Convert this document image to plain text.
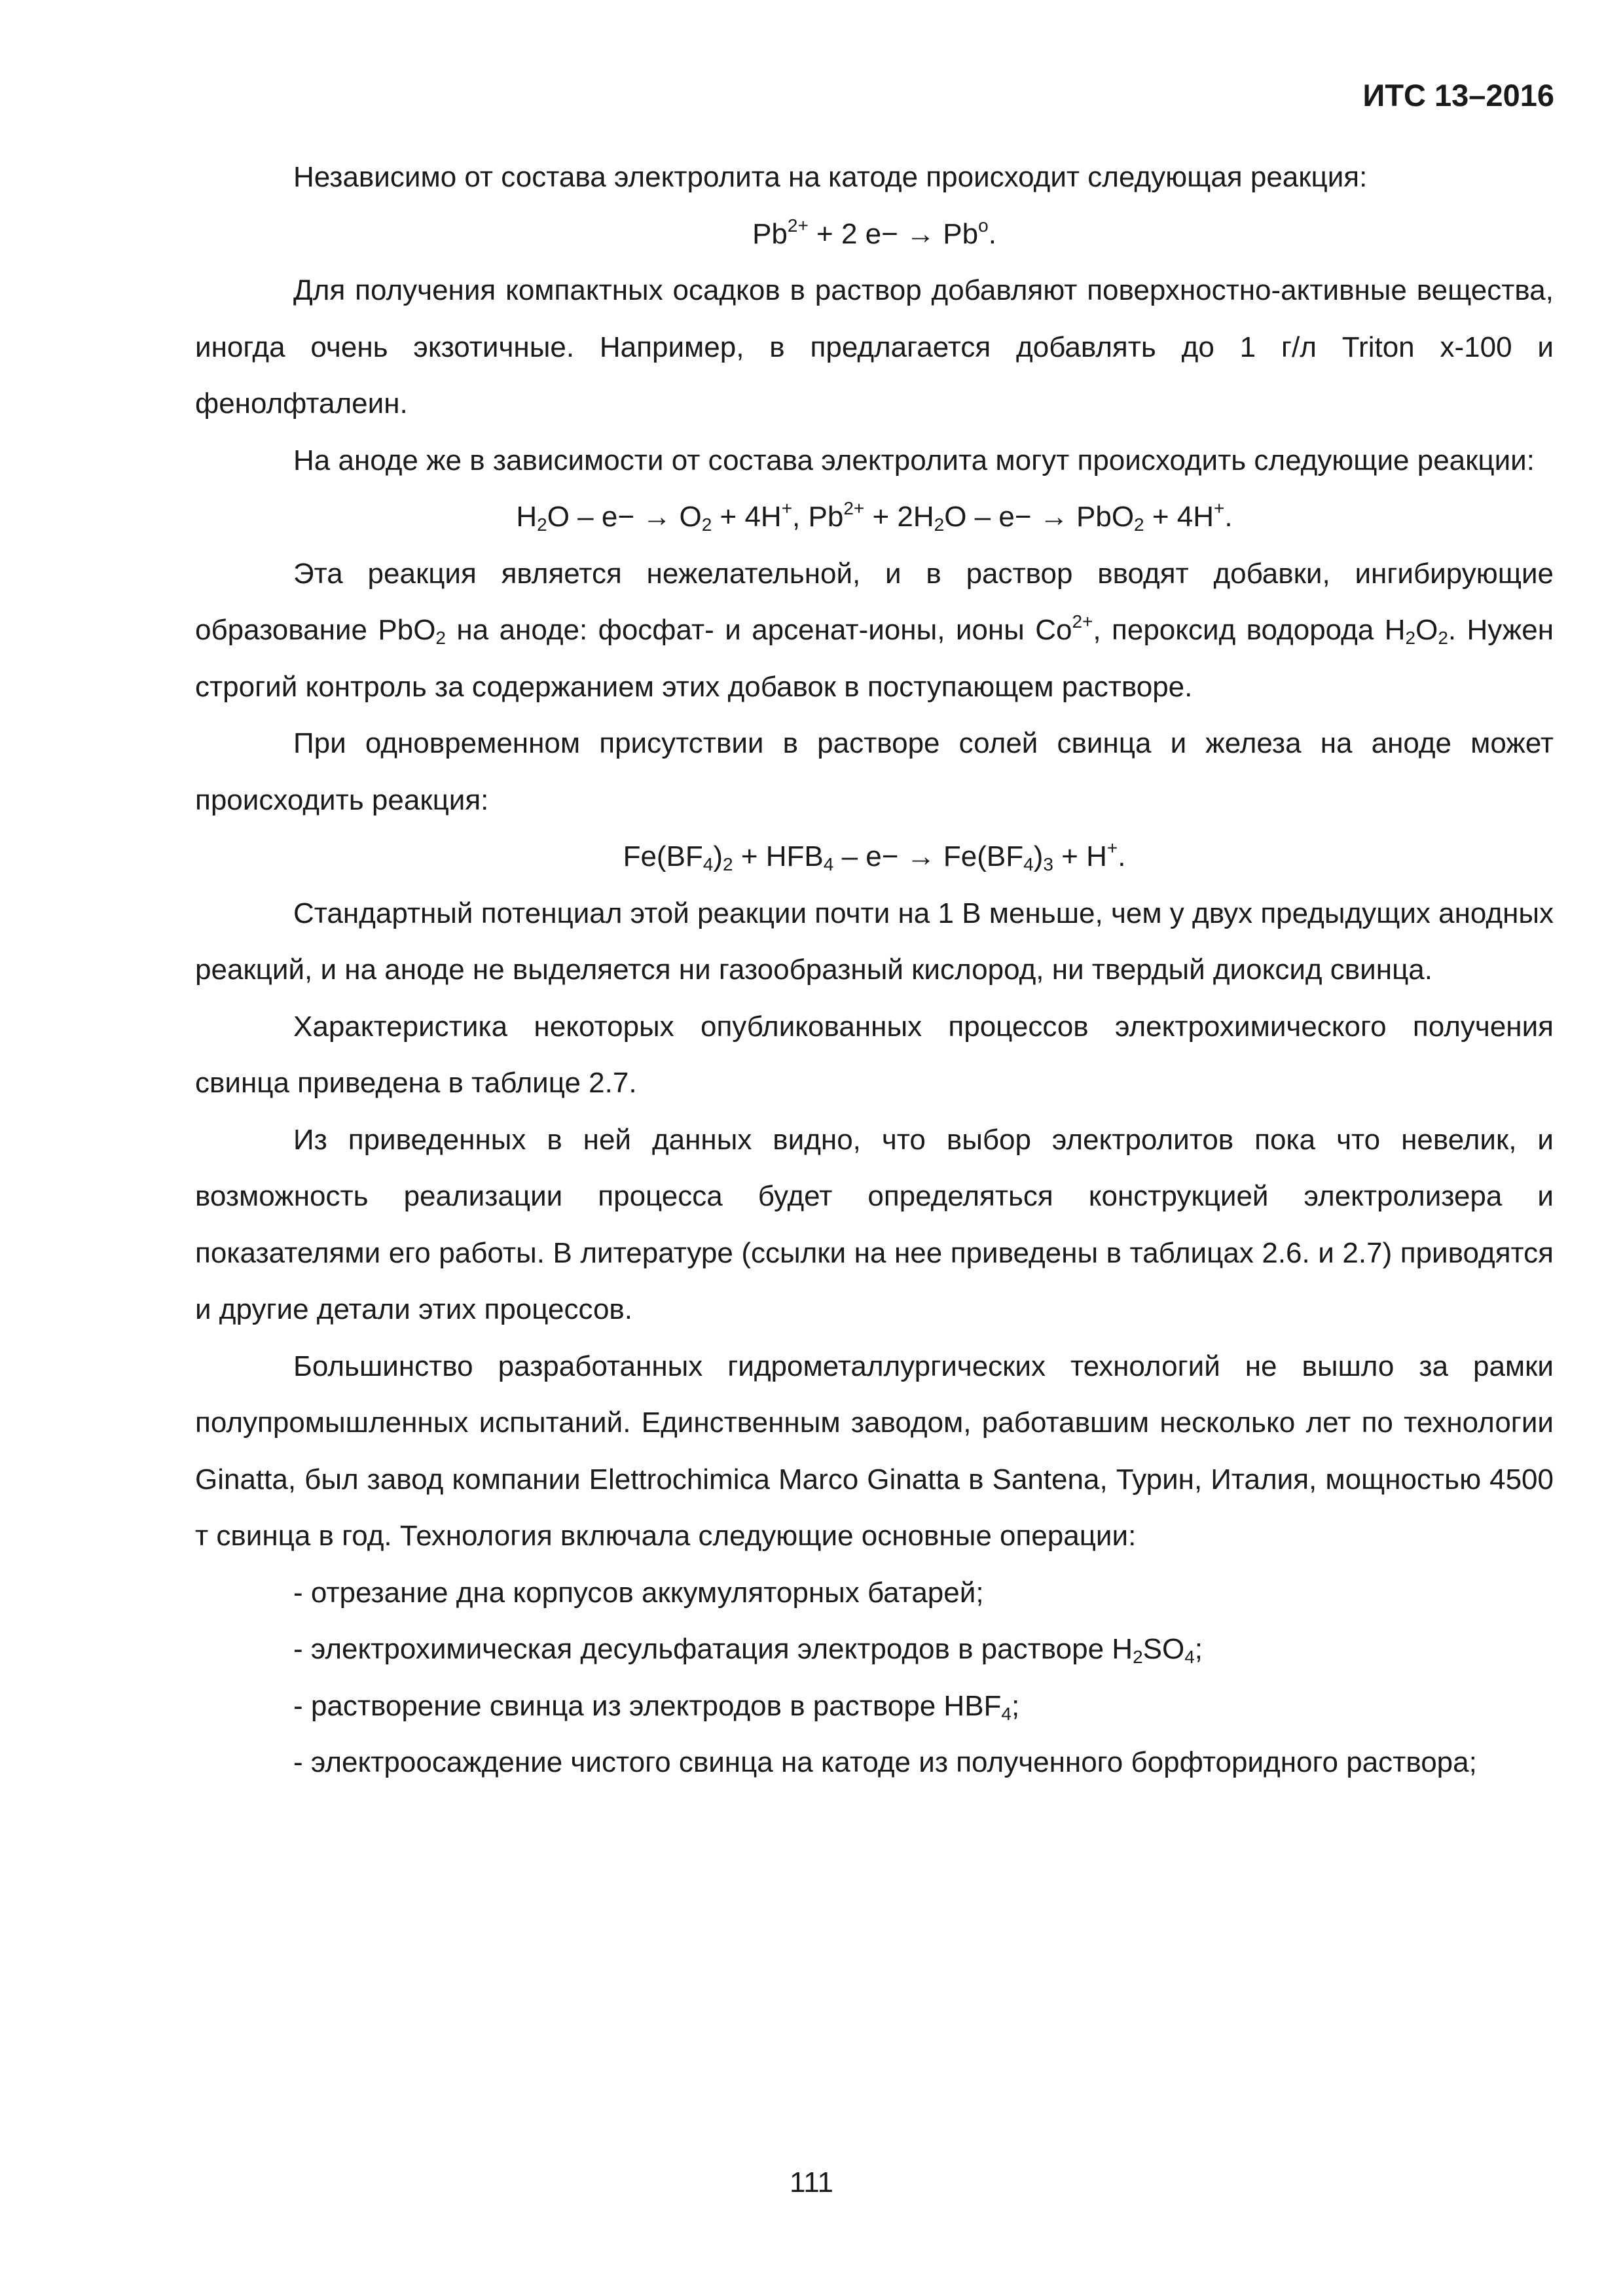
ИТС 13–2016

Независимо от состава электролита на катоде происходит следующая реакция:

$Pb^{2+} + 2$ $e- \to Pb^o$.

Для получения компактных осадков в раствор добавляют поверхностно-активные вещества, иногда очень экзотичные. Например, в предлагается добавлять до 1 г/л Triton x-100 и фенолфталеин.

На аноде же в зависимости от состава электролита могут происходить следующие реакции:

$H_2O - e- \to O_2 + 4H^+$, $Pb^{2+} + 2H_2O - e- \to PbO_2 + 4H^+$.

Эта реакция является нежелательной, и в раствор вводят добавки, ингибирующие образование PbO$_2$ на аноде: фосфат- и арсенат-ионы, ионы $Co^{2+}$, пероксид водорода $H_2O_2$. Нужен строгий контроль за содержанием этих добавок в поступающем растворе.

При одновременном присутствии в растворе солей свинца и железа на аноде может происходить реакция:

$Fe(BF_4)_2 + HFB_4 - e- \to Fe(BF_4)_3 + H^+$.

Стандартный потенциал этой реакции почти на 1 В меньше, чем у двух предыдущих анодных реакций, и на аноде не выделяется ни газообразный кислород, ни твердый диоксид свинца.

Характеристика некоторых опубликованных процессов электрохимического получения свинца приведена в таблице 2.7.

Из приведенных в ней данных видно, что выбор электролитов пока что невелик, и возможность реализации процесса будет определяться конструкцией электролизера и показателями его работы. В литературе (ссылки на нее приведены в таблицах 2.6. и 2.7) приводятся и другие детали этих процессов.

Большинство разработанных гидрометаллургических технологий не вышло за рамки полупромышленных испытаний. Единственным заводом, работавшим несколько лет по технологии Ginatta, был завод компании Elettrochimica Marco Ginatta в Santena, Турин, Италия, мощностью 4500 т свинца в год. Технология включала следующие основные операции:

- отрезание дна корпусов аккумуляторных батарей;

- электрохимическая десульфатация электродов в растворе $H_2SO_4$;

- растворение свинца из электродов в растворе $HBF_4$;

- электроосаждение чистого свинца на катоде из полученного борфторидного раствора;

111
